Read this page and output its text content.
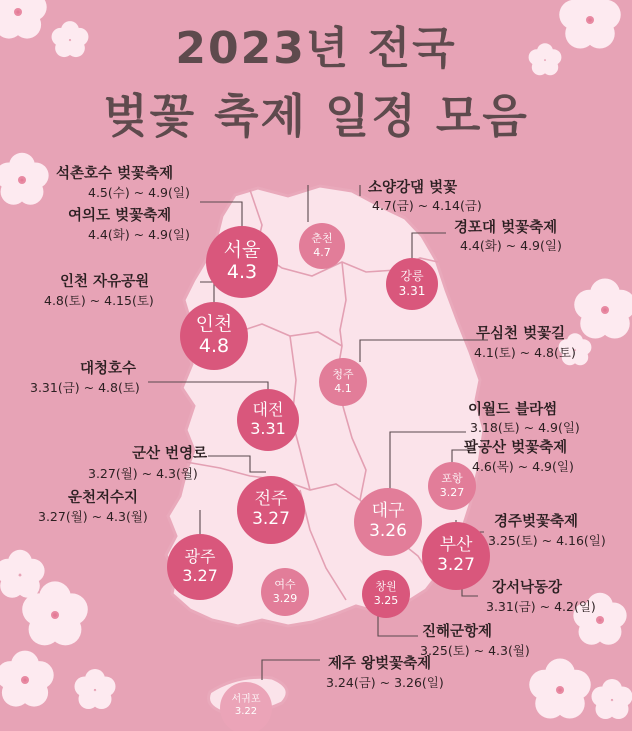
2023년 전국
벚꽃 축제 일정 모음
서울
4.3
인천
4.8
춘천
4.7
강릉
3.31
청주
4.1
대전
3.31
포항
3.27
대구
3.26
전주
3.27
부산
3.27
광주
3.27	여수
3.29
창원
3.25
서귀포
3.22
석촌호수 벚꽃축제
4.5(수) ~ 4.9(일)
여의도 벚꽃축제
4.4(화) ~ 4.9(일)
인천 자유공원
4.8(토) ~ 4.15(토)
대청호수
3.31(금) ~ 4.8(토)
군산 번영로
3.27(월) ~ 4.3(월)
운천저수지
3.27(월) ~ 4.3(월)
소양강댐 벚꽃
4.7(금) ~ 4.14(금)
경포대 벚꽃축제
4.4(화) ~ 4.9(일)
무심천 벚꽃길
4.1(토) ~ 4.8(토)
이월드 블라썸
3.18(토) ~ 4.9(일)
팔공산 벚꽃축제
4.6(목) ~ 4.9(일)
경주벚꽃축제
3.25(토) ~ 4.16(일)
강서낙동강
3.31(금) ~ 4.2(일)
진해군항제
3.25(토) ~ 4.3(월)
제주 왕벚꽃축제
3.24(금) ~ 3.26(일)
